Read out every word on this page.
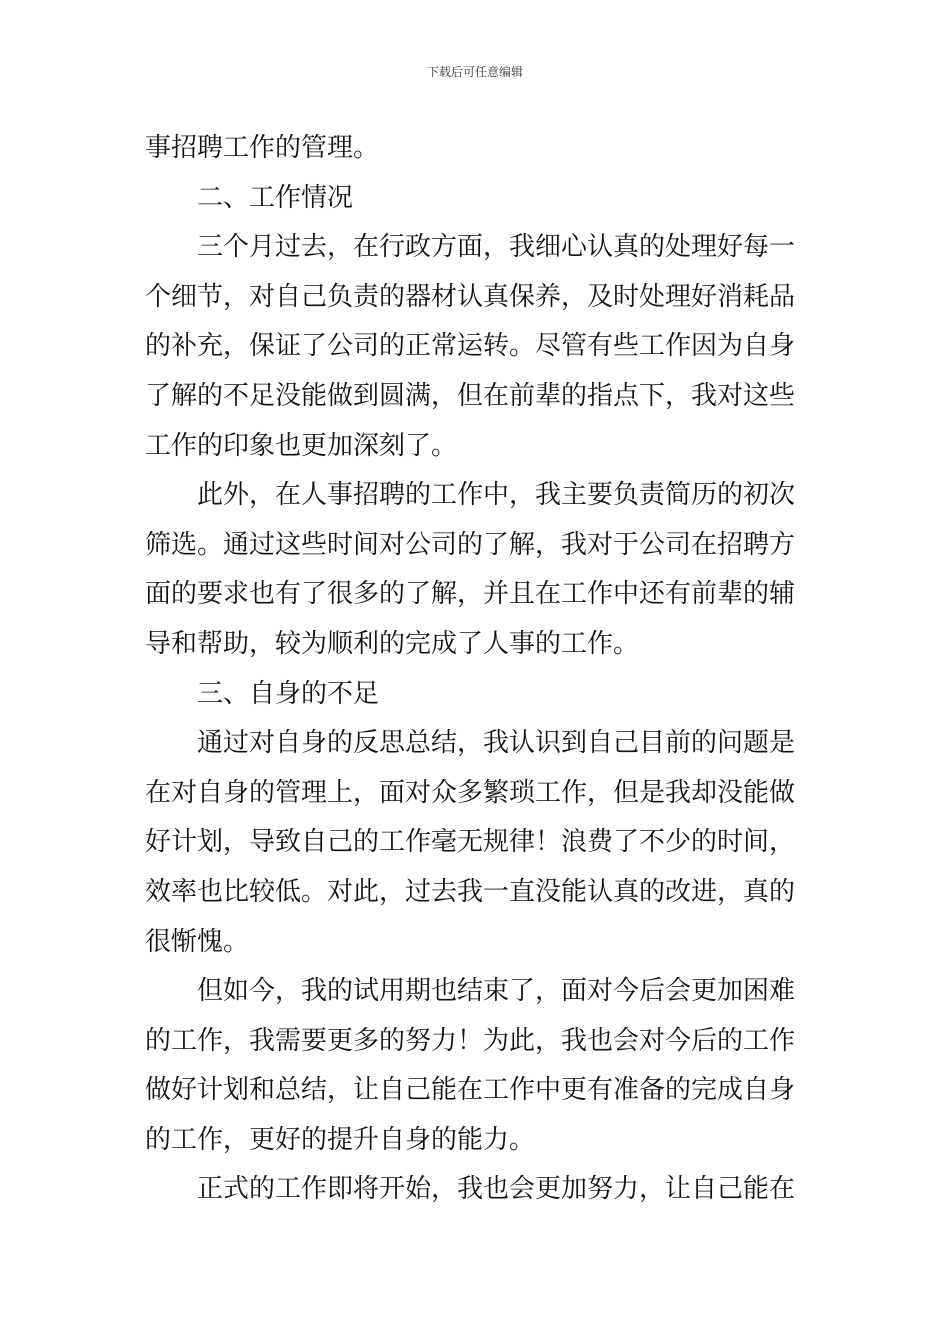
下载后可任意编辑
事招聘工作的管理。
二、工作情况
三个月过去，在行政方面，我细心认真的处理好每一
个细节，对自己负责的器材认真保养，及时处理好消耗品
的补充，保证了公司的正常运转。尽管有些工作因为自身
了解的不足没能做到圆满，但在前辈的指点下，我对这些
工作的印象也更加深刻了。
此外，在人事招聘的工作中，我主要负责简历的初次
筛选。通过这些时间对公司的了解，我对于公司在招聘方
面的要求也有了很多的了解，并且在工作中还有前辈的辅
导和帮助，较为顺利的完成了人事的工作。
三、自身的不足
通过对自身的反思总结，我认识到自己目前的问题是
在对自身的管理上，面对众多繁琐工作，但是我却没能做
好计划，导致自己的工作毫无规律！浪费了不少的时间，
效率也比较低。对此，过去我一直没能认真的改进，真的
很惭愧。
但如今，我的试用期也结束了，面对今后会更加困难
的工作，我需要更多的努力！为此，我也会对今后的工作
做好计划和总结，让自己能在工作中更有准备的完成自身
的工作，更好的提升自身的能力。
正式的工作即将开始，我也会更加努力，让自己能在
